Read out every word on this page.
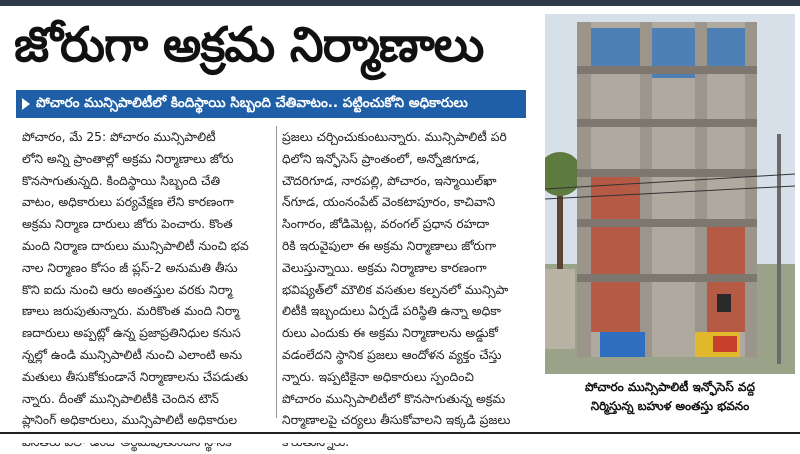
జోరుగా అక్రమ నిర్మాణాలు
పోచారం మున్సిపాలిటీలో కిందిస్థాయి సిబ్బంది చేతివాటం.. పట్టించుకోని అధికారులు
పోచారం, మే 25: పోచారం మున్సిపాలిటీ
లోని అన్ని ప్రాంతాల్లో అక్రమ నిర్మాణాలు జోరు
కొనసాగుతున్నది. కిందిస్థాయి సిబ్బంది చేతి
వాటం, అధికారులు పర్యవేక్షణ లేని కారణంగా
అక్రమ నిర్మాణ దారులు జోరు పెంచారు. కొంత
మంది నిర్మాణ దారులు మున్సిపాలిటీ నుంచి భవ
నాల నిర్మాణం కోసం జీ ప్లస్-2 అనుమతి తీసు
కొని ఐదు నుంచి ఆరు అంతస్తుల వరకు నిర్మా
ణాలు జరుపుతున్నారు. మరికొంత మంది నిర్మా
ణదారులు అప్పట్లో ఉన్న ప్రజాప్రతినిధుల కనుస
న్నల్లో ఉండి మున్సిపాలిటీ నుంచి ఎలాంటి అను
మతులు తీసుకోకుండానే నిర్మాణాలను చేపడుతు
న్నారు. దీంతో మున్సిపాలిటీకి చెందిన టౌన్
ప్లానింగ్ అధికారులు, మున్సిపాలిటీ అధికారుల
ప్రజలు చర్చించుకుంటున్నారు. మున్సిపాలిటీ పరి
ధిలోని ఇన్ఫోసెస్ ప్రాంతంలో, అన్నోజిగూడ,
చౌదరిగూడ, నారపల్లి, పోచారం, ఇస్మాయిల్‌ఖా
న్‌గూడ, యంనంపేట్ వెంకటాపూరం, కాచివాని
సింగారం, జోడిమెట్ల, వరంగల్ ప్రధాన రహదా
రికి ఇరువైపులా ఈ అక్రమ నిర్మాణాలు జోరుగా
వెలుస్తున్నాయి. అక్రమ నిర్మాణాల కారణంగా
భవిష్యత్‌లో మౌలిక వసతుల కల్పనలో మున్సిపా
లిటీకి ఇబ్బందులు ఏర్పడే పరిస్థితి ఉన్నా అధికా
రులు ఎందుకు ఈ అక్రమ నిర్మాణాలను అడ్డుకో
వడంలేదని స్థానిక ప్రజలు ఆందోళన వ్యక్తం చేస్తు
న్నారు. ఇప్పటికైనా అధికారులు స్పందించి
పోచారం మున్సిపాలిటీలో కొనసాగుతున్న అక్రమ
నిర్మాణాలపై చర్యలు తీసుకోవాలని ఇక్కడి ప్రజలు
పోచారం మున్సిపాలిటీ ఇన్ఫోసెస్ వద్ద
నిర్మిస్తున్న బహుళ అంతస్తు భవనం
